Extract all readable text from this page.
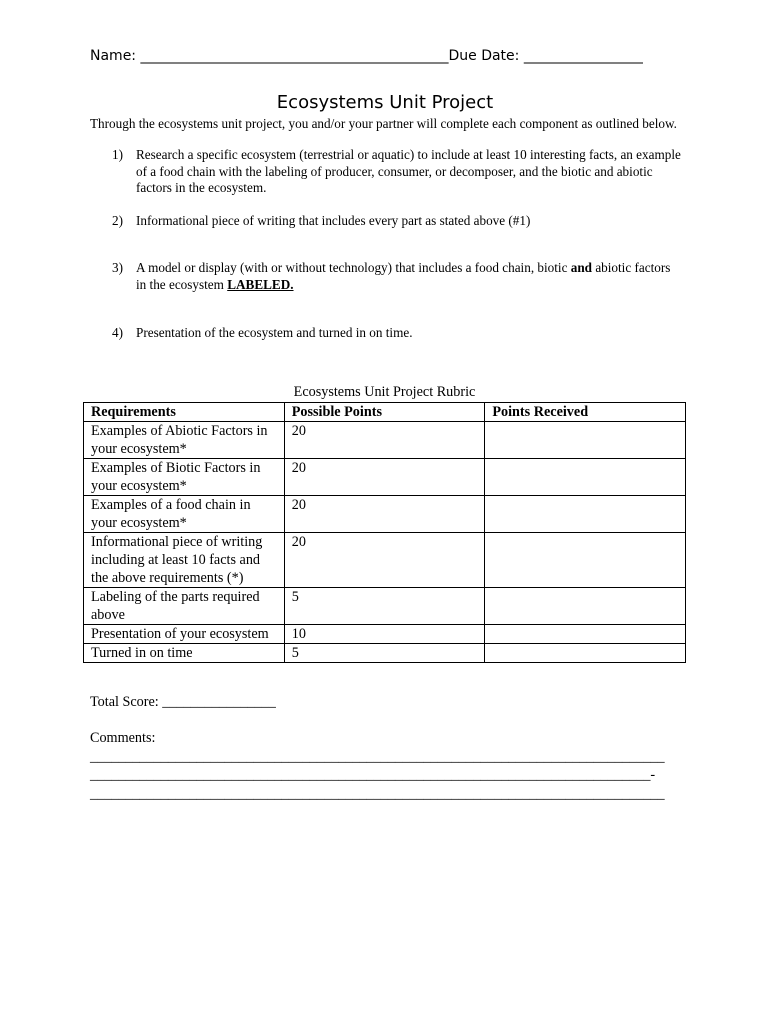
Name: ____________________________________________Due Date: _________________
Ecosystems Unit Project
Through the ecosystems unit project, you and/or your partner will complete each component as outlined below.
1) Research a specific ecosystem (terrestrial or aquatic) to include at least 10 interesting facts, an example of a food chain with the labeling of producer, consumer, or decomposer, and the biotic and abiotic factors in the ecosystem.
2) Informational piece of writing that includes every part as stated above (#1)
3) A model or display (with or without technology) that includes a food chain, biotic and abiotic factors in the ecosystem LABELED.
4) Presentation of the ecosystem and turned in on time.
Ecosystems Unit Project Rubric
Requirements	Possible Points	Points Received
Examples of Abiotic Factors in your ecosystem*	20	
Examples of Biotic Factors in your ecosystem*	20	
Examples of a food chain in your ecosystem*	20	
Informational piece of writing including at least 10 facts and the above requirements (*)	20	
Labeling of the parts required above	5	
Presentation of your ecosystem	10	
Turned in on time	5	
Total Score: ________________
Comments:
_________________________________________________________________________________
_______________________________________________________________________________-
_________________________________________________________________________________
